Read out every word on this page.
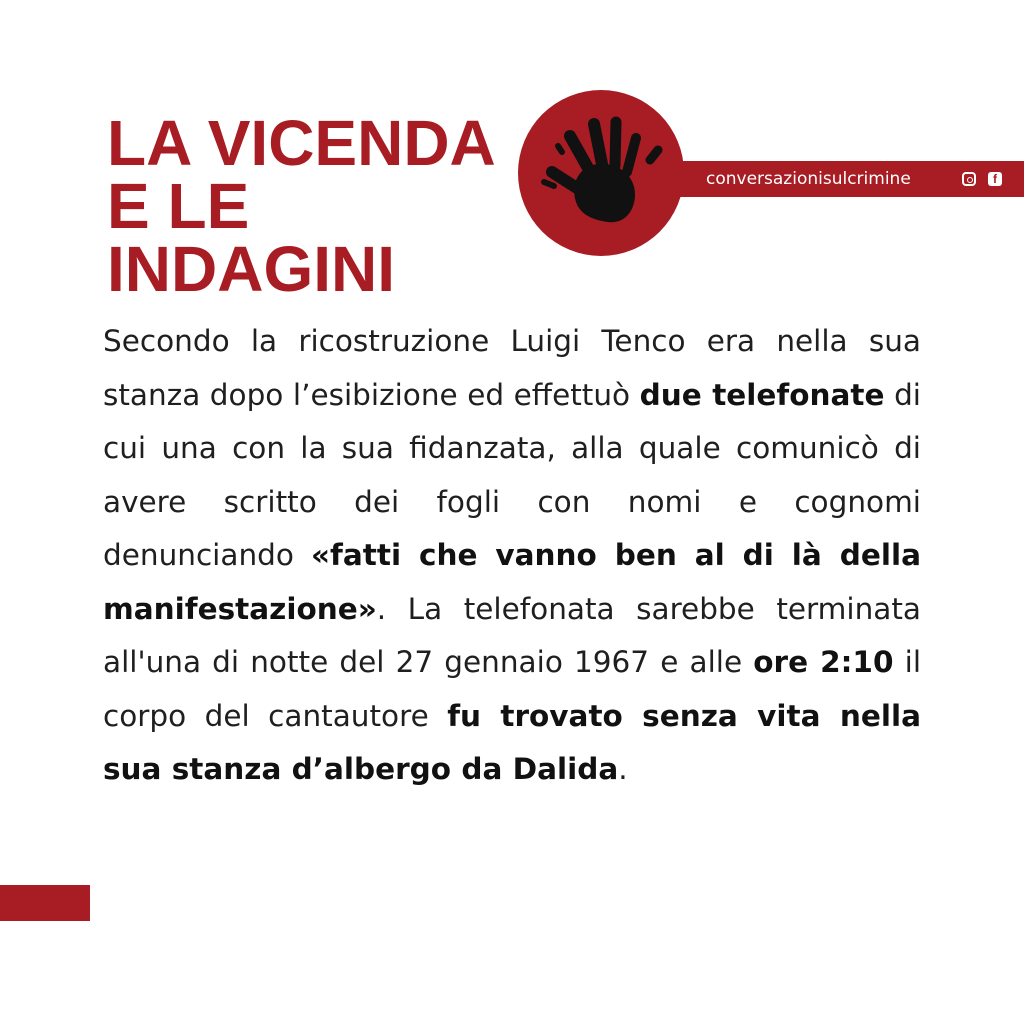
LA VICENDA
E LE
INDAGINI
conversazionisulcrimine	f

Secondo la ricostruzione Luigi Tenco era nella sua stanza dopo l’esibizione ed effettuò due telefonate di cui una con la sua fidanzata, alla quale comunicò di avere scritto dei fogli con nomi e cognomi denunciando «fatti che vanno ben al di là della manifestazione». La telefonata sarebbe terminata all'una di notte del 27 gennaio 1967 e alle ore 2:10 il corpo del cantautore fu trovato senza vita nella sua stanza d’albergo da Dalida.
